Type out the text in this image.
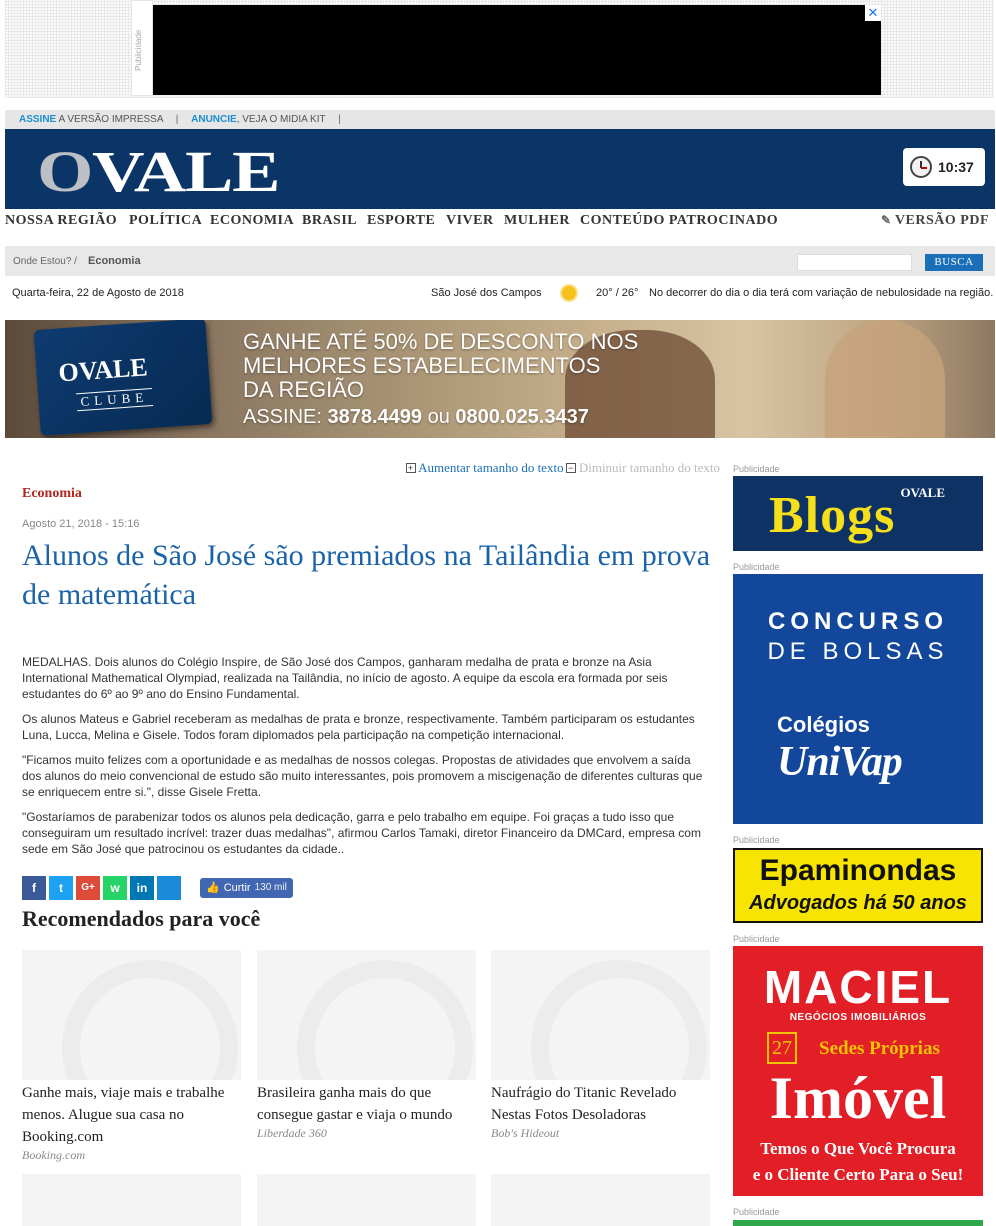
Publicidade
✕
ASSINE A VERSÃO IMPRESSA | ANUNCIE, VEJA O MIDIA KIT |
OVALE	10:37
NOSSA REGIÃO POLÍTICA ECONOMIA BRASIL ESPORTE VIVER MULHER CONTEÚDO PATROCINADO	✎ VERSÃO PDF
Onde Estou? / Economia	BUSCA
Quarta-feira, 22 de Agosto de 2018	São José dos Campos	20° / 26° No decorrer do dia o dia terá com variação de nebulosidade na região.
OVALE
CLUBE
GANHE ATÉ 50% DE DESCONTO NOS
MELHORES ESTABELECIMENTOS
DA REGIÃO
ASSINE: 3878.4499 ou 0800.025.3437
+ Aumentar tamanho do texto − Diminuir tamanho do texto
Economia
Agosto 21, 2018 - 15:16
Alunos de São José são premiados na Tailândia em prova de matemática

MEDALHAS. Dois alunos do Colégio Inspire, de São José dos Campos, ganharam medalha de prata e bronze na Asia International Mathematical Olympiad, realizada na Tailândia, no início de agosto. A equipe da escola era formada por seis estudantes do 6º ao 9º ano do Ensino Fundamental.

Os alunos Mateus e Gabriel receberam as medalhas de prata e bronze, respectivamente. Também participaram os estudantes Luna, Lucca, Melina e Gisele. Todos foram diplomados pela participação na competição internacional.

"Ficamos muito felizes com a oportunidade e as medalhas de nossos colegas. Propostas de atividades que envolvem a saída dos alunos do meio convencional de estudo são muito interessantes, pois promovem a miscigenação de diferentes culturas que se enriquecem entre si.", disse Gisele Fretta.

"Gostaríamos de parabenizar todos os alunos pela dedicação, garra e pelo trabalho em equipe. Foi graças a tudo isso que conseguiram um resultado incrível: trazer duas medalhas", afirmou Carlos Tamaki, diretor Financeiro da DMCard, empresa com sede em São José que patrocinou os estudantes da cidade..

f	t	G+	w	in	👍 Curtir 130 mil
Recomendados para você
Ganhe mais, viaje mais e trabalhe menos. Alugue sua casa no Booking.com
Booking.com
Brasileira ganha mais do que consegue gastar e viaja o mundo
Liberdade 360
Naufrágio do Titanic Revelado Nestas Fotos Desoladoras
Bob's Hideout
Publicidade
OVALE
Blogs
Publicidade
CONCURSO
DE BOLSAS
Colégios
UniVap
Publicidade
Epaminondas
Advogados há 50 anos
Publicidade
MACIEL
NEGÓCIOS IMOBILIÁRIOS
27 Sedes Próprias
Imóvel
Temos o Que Você Procura
e o Cliente Certo Para o Seu!
Publicidade
